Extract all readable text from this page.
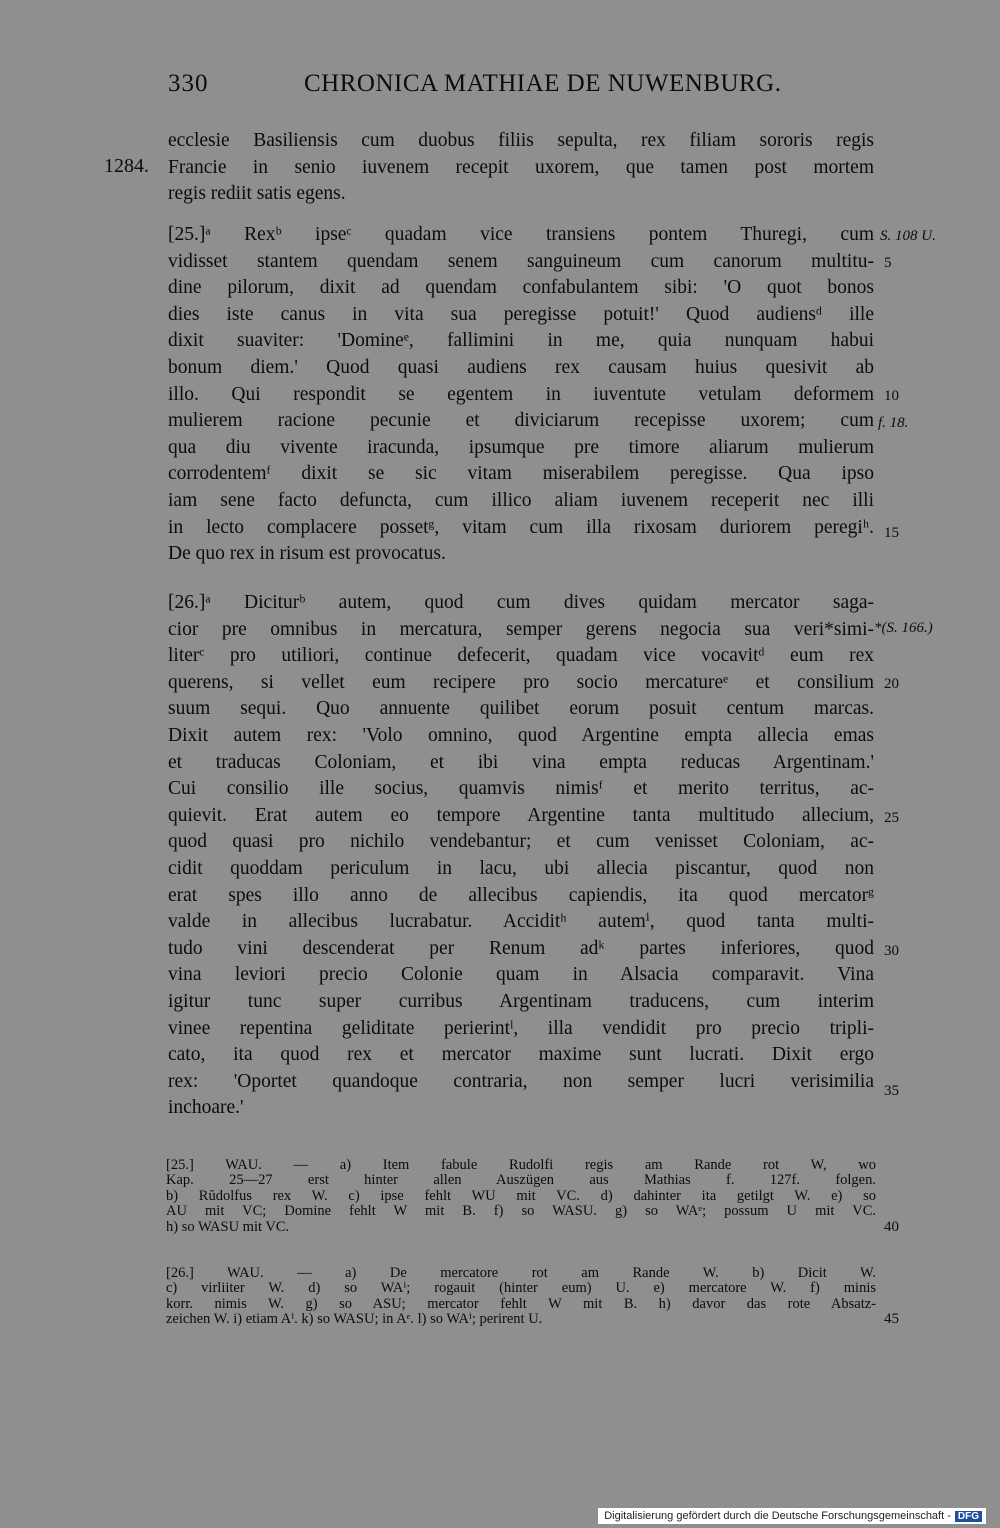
330	CHRONICA MATHIAE DE NUWENBURG.
1284.
ecclesie Basiliensis cum duobus filiis sepulta, rex filiam sororis regis
Francie in senio iuvenem recepit uxorem, que tamen post mortem
regis rediit satis egens.
[25.]ᵃ Rexᵇ ipseᶜ quadam vice transiens pontem Thuregi, cum
vidisset stantem quendam senem sanguineum cum canorum multitu-
dine pilorum, dixit ad quendam confabulantem sibi: 'O quot bonos
dies iste canus in vita sua peregisse potuit!' Quod audiensᵈ ille
dixit suaviter: 'Domineᵉ, fallimini in me, quia nunquam habui
bonum diem.' Quod quasi audiens rex causam huius quesivit ab
illo. Qui respondit se egentem in iuventute vetulam deformem
mulierem racione pecunie et diviciarum recepisse uxorem; cum
qua diu vivente iracunda, ipsumque pre timore aliarum mulierum
corrodentemᶠ dixit se sic vitam miserabilem peregisse. Qua ipso
iam sene facto defuncta, cum illico aliam iuvenem receperit nec illi
in lecto complacere possetᵍ, vitam cum illa rixosam duriorem peregiʰ.
De quo rex in risum est provocatus.
[26.]ᵃ Diciturᵇ autem, quod cum dives quidam mercator saga-
cior pre omnibus in mercatura, semper gerens negocia sua veri*simi-
literᶜ pro utiliori, continue defecerit, quadam vice vocavitᵈ eum rex
querens, si vellet eum recipere pro socio mercatureᵉ et consilium
suum sequi. Quo annuente quilibet eorum posuit centum marcas.
Dixit autem rex: 'Volo omnino, quod Argentine empta allecia emas
et traducas Coloniam, et ibi vina empta reducas Argentinam.'
Cui consilio ille socius, quamvis nimisᶠ et merito territus, ac-
quievit. Erat autem eo tempore Argentine tanta multitudo allecium,
quod quasi pro nichilo vendebantur; et cum venisset Coloniam, ac-
cidit quoddam periculum in lacu, ubi allecia piscantur, quod non
erat spes illo anno de allecibus capiendis, ita quod mercatorᵍ
valde in allecibus lucrabatur. Acciditʰ autemⁱ, quod tanta multi-
tudo vini descenderat per Renum adᵏ partes inferiores, quod
vina leviori precio Colonie quam in Alsacia comparavit. Vina
igitur tunc super curribus Argentinam traducens, cum interim
vinee repentina geliditate perierintˡ, illa vendidit pro precio tripli-
cato, ita quod rex et mercator maxime sunt lucrati. Dixit ergo
rex: 'Oportet quandoque contraria, non semper lucri verisimilia
inchoare.'
5
10
15
20
25
30
35
40
45
S. 108 U.
f. 18.
*(S. 166.)
[25.] WAU. — a) Item fabule Rudolfi regis am Rande rot W, wo
Kap. 25—27 erst hinter allen Auszügen aus Mathias f. 127f. folgen.
b) Rŭdolfus rex W. c) ipse fehlt WU mit VC. d) dahinter ita getilgt W. e) so
AU mit VC; Domine fehlt W mit B. f) so WASU. g) so WAᵉ; possum U mit VC.
h) so WASU mit VC.
[26.] WAU. — a) De mercatore rot am Rande W. b) Dicit W.
c) virliiter W. d) so WAⁱ; rogauit (hinter eum) U. e) mercatore W. f) minis
korr. nimis W. g) so ASU; mercator fehlt W mit B. h) davor das rote Absatz-
zeichen W. i) etiam Aⁱ. k) so WASU; in Aᵉ. l) so WAⁱ; perirent U.
Digitalisierung gefördert durch die Deutsche Forschungsgemeinschaft - DFG
